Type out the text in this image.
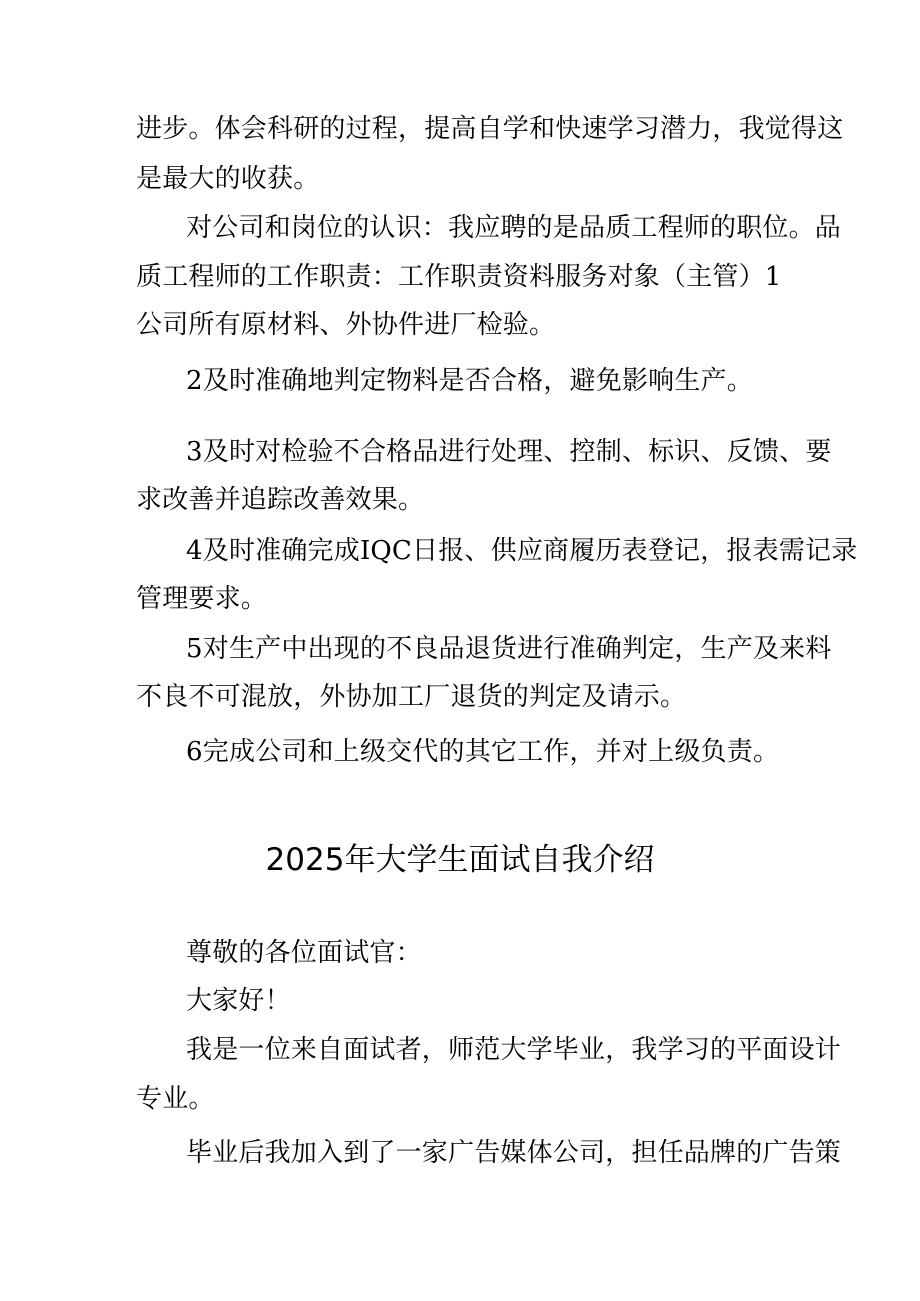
进步。体会科研的过程，提高自学和快速学习潜力，我觉得这
是最大的收获。
对公司和岗位的认识：我应聘的是品质工程师的职位。品
质工程师的工作职责：工作职责资料服务对象（主管）1
公司所有原材料、外协件进厂检验。
2及时准确地判定物料是否合格，避免影响生产。
3及时对检验不合格品进行处理、控制、标识、反馈、要
求改善并追踪改善效果。
4及时准确完成IQC日报、供应商履历表登记，报表需记录
管理要求。
5对生产中出现的不良品退货进行准确判定，生产及来料
不良不可混放，外协加工厂退货的判定及请示。
6完成公司和上级交代的其它工作，并对上级负责。
2025年大学生面试自我介绍
尊敬的各位面试官：
大家好！
我是一位来自面试者，师范大学毕业，我学习的平面设计
专业。
毕业后我加入到了一家广告媒体公司，担任品牌的广告策
